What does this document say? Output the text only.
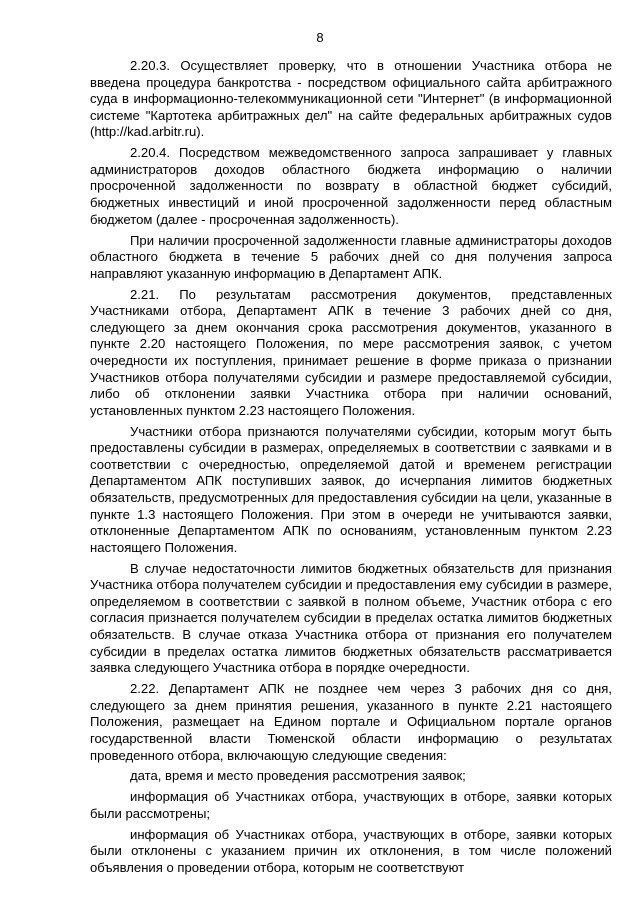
8

2.20.3. Осуществляет проверку, что в отношении Участника отбора не введена процедура банкротства - посредством официального сайта арбитражного суда в информационно-телекоммуникационной сети "Интернет" (в информационной системе "Картотека арбитражных дел" на сайте федеральных арбитражных судов (http://kad.arbitr.ru).

2.20.4. Посредством межведомственного запроса запрашивает у главных администраторов доходов областного бюджета информацию о наличии просроченной задолженности по возврату в областной бюджет субсидий, бюджетных инвестиций и иной просроченной задолженности перед областным бюджетом (далее - просроченная задолженность).

При наличии просроченной задолженности главные администраторы доходов областного бюджета в течение 5 рабочих дней со дня получения запроса направляют указанную информацию в Департамент АПК.

2.21. По результатам рассмотрения документов, представленных Участниками отбора, Департамент АПК в течение 3 рабочих дней со дня, следующего за днем окончания срока рассмотрения документов, указанного в пункте 2.20 настоящего Положения, по мере рассмотрения заявок, с учетом очередности их поступления, принимает решение в форме приказа о признании Участников отбора получателями субсидии и размере предоставляемой субсидии, либо об отклонении заявки Участника отбора при наличии оснований, установленных пунктом 2.23 настоящего Положения.

Участники отбора признаются получателями субсидии, которым могут быть предоставлены субсидии в размерах, определяемых в соответствии с заявками и в соответствии с очередностью, определяемой датой и временем регистрации Департаментом АПК поступивших заявок, до исчерпания лимитов бюджетных обязательств, предусмотренных для предоставления субсидии на цели, указанные в пункте 1.3 настоящего Положения. При этом в очереди не учитываются заявки, отклоненные Департаментом АПК по основаниям, установленным пунктом 2.23 настоящего Положения.

В случае недостаточности лимитов бюджетных обязательств для признания Участника отбора получателем субсидии и предоставления ему субсидии в размере, определяемом в соответствии с заявкой в полном объеме, Участник отбора с его согласия признается получателем субсидии в пределах остатка лимитов бюджетных обязательств. В случае отказа Участника отбора от признания его получателем субсидии в пределах остатка лимитов бюджетных обязательств рассматривается заявка следующего Участника отбора в порядке очередности.

2.22. Департамент АПК не позднее чем через 3 рабочих дня со дня, следующего за днем принятия решения, указанного в пункте 2.21 настоящего Положения, размещает на Едином портале и Официальном портале органов государственной власти Тюменской области информацию о результатах проведенного отбора, включающую следующие сведения:

дата, время и место проведения рассмотрения заявок;

информация об Участниках отбора, участвующих в отборе, заявки которых были рассмотрены;

информация об Участниках отбора, участвующих в отборе, заявки которых были отклонены с указанием причин их отклонения, в том числе положений объявления о проведении отбора, которым не соответствуют
